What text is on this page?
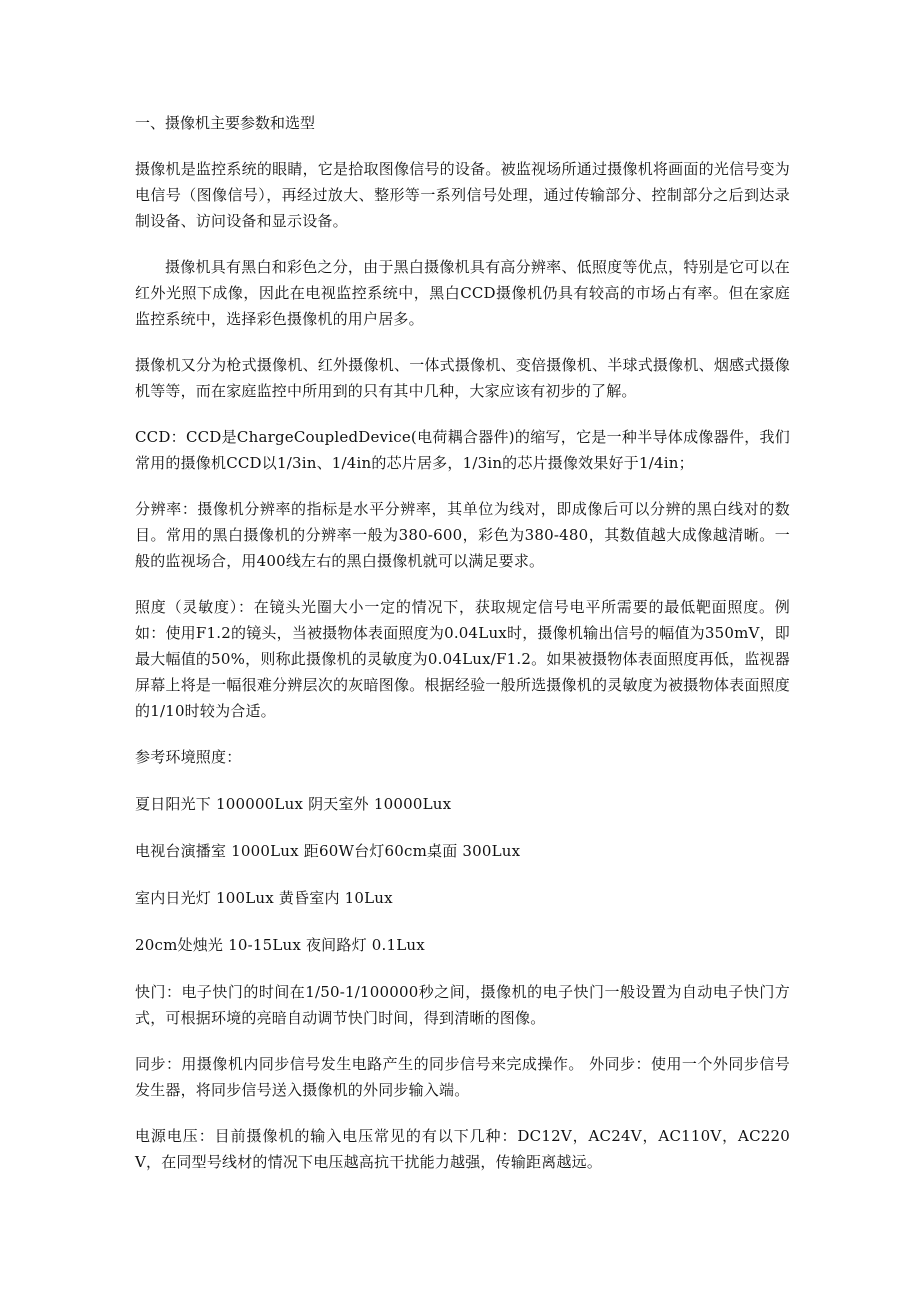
一、摄像机主要参数和选型

摄像机是监控系统的眼睛，它是拾取图像信号的设备。被监视场所通过摄像机将画面的光信号变为电信号（图像信号），再经过放大、整形等一系列信号处理，通过传输部分、控制部分之后到达录制设备、访问设备和显示设备。

摄像机具有黑白和彩色之分，由于黑白摄像机具有高分辨率、低照度等优点，特别是它可以在红外光照下成像，因此在电视监控系统中，黑白CCD摄像机仍具有较高的市场占有率。但在家庭监控系统中，选择彩色摄像机的用户居多。

摄像机又分为枪式摄像机、红外摄像机、一体式摄像机、变倍摄像机、半球式摄像机、烟感式摄像机等等，而在家庭监控中所用到的只有其中几种，大家应该有初步的了解。

CCD：CCD是ChargeCoupledDevice(电荷耦合器件)的缩写，它是一种半导体成像器件，我们常用的摄像机CCD以1/3in、1/4in的芯片居多，1/3in的芯片摄像效果好于1/4in；

分辨率：摄像机分辨率的指标是水平分辨率，其单位为线对，即成像后可以分辨的黑白线对的数目。常用的黑白摄像机的分辨率一般为380-600，彩色为380-480，其数值越大成像越清晰。一般的监视场合，用400线左右的黑白摄像机就可以满足要求。

照度（灵敏度）：在镜头光圈大小一定的情况下，获取规定信号电平所需要的最低靶面照度。例如：使用F1.2的镜头，当被摄物体表面照度为0.04Lux时，摄像机输出信号的幅值为350mV，即最大幅值的50%，则称此摄像机的灵敏度为0.04Lux/F1.2。如果被摄物体表面照度再低，监视器屏幕上将是一幅很难分辨层次的灰暗图像。根据经验一般所选摄像机的灵敏度为被摄物体表面照度的1/10时较为合适。

参考环境照度：

夏日阳光下 100000Lux 阴天室外 10000Lux

电视台演播室 1000Lux 距60W台灯60cm桌面 300Lux

室内日光灯 100Lux 黄昏室内 10Lux

20cm处烛光 10-15Lux 夜间路灯 0.1Lux

快门：电子快门的时间在1/50-1/100000秒之间，摄像机的电子快门一般设置为自动电子快门方式，可根据环境的亮暗自动调节快门时间，得到清晰的图像。

同步：用摄像机内同步信号发生电路产生的同步信号来完成操作。 外同步：使用一个外同步信号发生器，将同步信号送入摄像机的外同步输入端。

电源电压：目前摄像机的输入电压常见的有以下几种：DC12V，AC24V，AC110V，AC220V，在同型号线材的情况下电压越高抗干扰能力越强，传输距离越远。
